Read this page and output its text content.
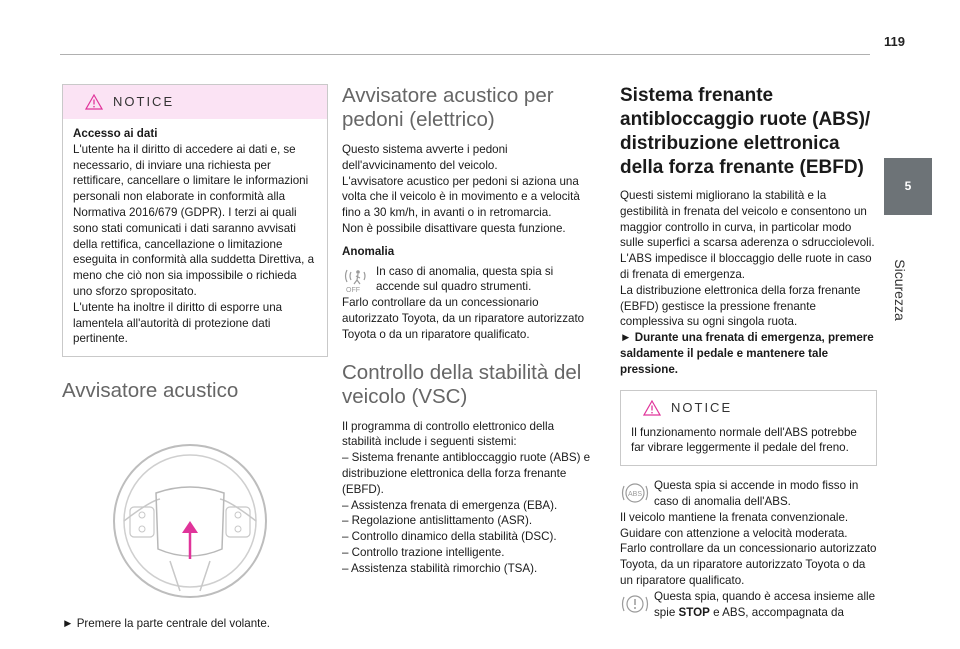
119
5
Sicurezza
NOTICE

Accesso ai dati

L'utente ha il diritto di accedere ai dati e, se necessario, di inviare una richiesta per rettificare, cancellare o limitare le informazioni personali non elaborate in conformità alla Normativa 2016/679 (GDPR). I terzi ai quali sono stati comunicati i dati saranno avvisati della rettifica, cancellazione o limitazione eseguita in conformità alla suddetta Direttiva, a meno che ciò non sia impossibile o richieda uno sforzo spropositato.

L'utente ha inoltre il diritto di esporre una lamentela all'autorità di protezione dati pertinente.

Avvisatore acustico

► Premere la parte centrale del volante.

Avvisatore acustico per pedoni (elettrico)

Questo sistema avverte i pedoni dell'avvicinamento del veicolo.

L'avvisatore acustico per pedoni si aziona una volta che il veicolo è in movimento e a velocità fino a 30 km/h, in avanti o in retromarcia.

Non è possibile disattivare questa funzione.

Anomalia

OFF

In caso di anomalia, questa spia si accende sul quadro strumenti.

Farlo controllare da un concessionario autorizzato Toyota, da un riparatore autorizzato Toyota o da un riparatore qualificato.

Controllo della stabilità del veicolo (VSC)

Il programma di controllo elettronico della stabilità include i seguenti sistemi:

– Sistema frenante antibloccaggio ruote (ABS) e distribuzione elettronica della forza frenante (EBFD).

– Assistenza frenata di emergenza (EBA).

– Regolazione antislittamento (ASR).

– Controllo dinamico della stabilità (DSC).

– Controllo trazione intelligente.

– Assistenza stabilità rimorchio (TSA).

Sistema frenante antibloccaggio ruote (ABS)/ distribuzione elettronica della forza frenante (EBFD)

Questi sistemi migliorano la stabilità e la gestibilità in frenata del veicolo e consentono un maggior controllo in curva, in particolar modo sulle superfici a scarsa aderenza o sdrucciolevoli.

L'ABS impedisce il bloccaggio delle ruote in caso di frenata di emergenza.

La distribuzione elettronica della forza frenante (EBFD) gestisce la pressione frenante complessiva su ogni singola ruota.

► Durante una frenata di emergenza, premere saldamente il pedale e mantenere tale pressione.

NOTICE

Il funzionamento normale dell'ABS potrebbe far vibrare leggermente il pedale del freno.

ABS

Questa spia si accende in modo fisso in caso di anomalia dell'ABS.

Il veicolo mantiene la frenata convenzionale. Guidare con attenzione a velocità moderata.

Farlo controllare da un concessionario autorizzato Toyota, da un riparatore autorizzato Toyota o da un riparatore qualificato.

Questa spia, quando è accesa insieme alle spie STOP e ABS, accompagnata da
